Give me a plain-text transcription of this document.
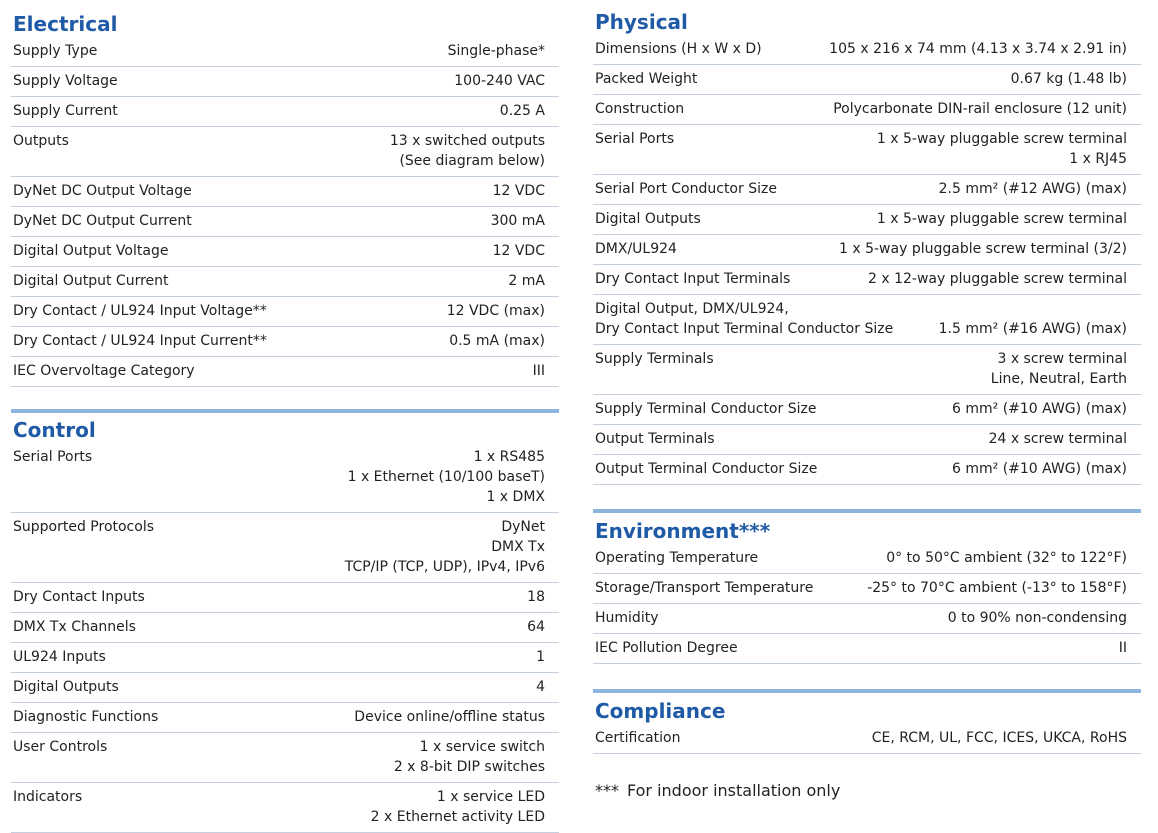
Electrical
Supply Type	Single-phase*
Supply Voltage	100-240 VAC
Supply Current	0.25 A
Outputs	13 x switched outputs
(See diagram below)
DyNet DC Output Voltage	12 VDC
DyNet DC Output Current	300 mA
Digital Output Voltage	12 VDC
Digital Output Current	2 mA
Dry Contact / UL924 Input Voltage**	12 VDC (max)
Dry Contact / UL924 Input Current**	0.5 mA (max)
IEC Overvoltage Category	III
Control
Serial Ports	1 x RS485
1 x Ethernet (10/100 baseT)
1 x DMX
Supported Protocols	DyNet
DMX Tx
TCP/IP (TCP, UDP), IPv4, IPv6
Dry Contact Inputs	18
DMX Tx Channels	64
UL924 Inputs	1
Digital Outputs	4
Diagnostic Functions	Device online/offline status
User Controls	1 x service switch
2 x 8-bit DIP switches
Indicators	1 x service LED
2 x Ethernet activity LED
Physical
Dimensions (H x W x D)	105 x 216 x 74 mm (4.13 x 3.74 x 2.91 in)
Packed Weight	0.67 kg (1.48 lb)
Construction	Polycarbonate DIN-rail enclosure (12 unit)
Serial Ports	1 x 5-way pluggable screw terminal
1 x RJ45
Serial Port Conductor Size	2.5 mm² (#12 AWG) (max)
Digital Outputs	1 x 5-way pluggable screw terminal
DMX/UL924	1 x 5-way pluggable screw terminal (3/2)
Dry Contact Input Terminals	2 x 12-way pluggable screw terminal
Digital Output, DMX/UL924,
Dry Contact Input Terminal Conductor Size
	1.5 mm² (#16 AWG) (max)
Supply Terminals	3 x screw terminal
Line, Neutral, Earth
Supply Terminal Conductor Size	6 mm² (#10 AWG) (max)
Output Terminals	24 x screw terminal
Output Terminal Conductor Size	6 mm² (#10 AWG) (max)
Environment***
Operating Temperature	0° to 50°C ambient (32° to 122°F)
Storage/Transport Temperature	-25° to 70°C ambient (-13° to 158°F)
Humidity	0 to 90% non-condensing
IEC Pollution Degree	II
Compliance
Certification	CE, RCM, UL, FCC, ICES, UKCA, RoHS
*** For indoor installation only
